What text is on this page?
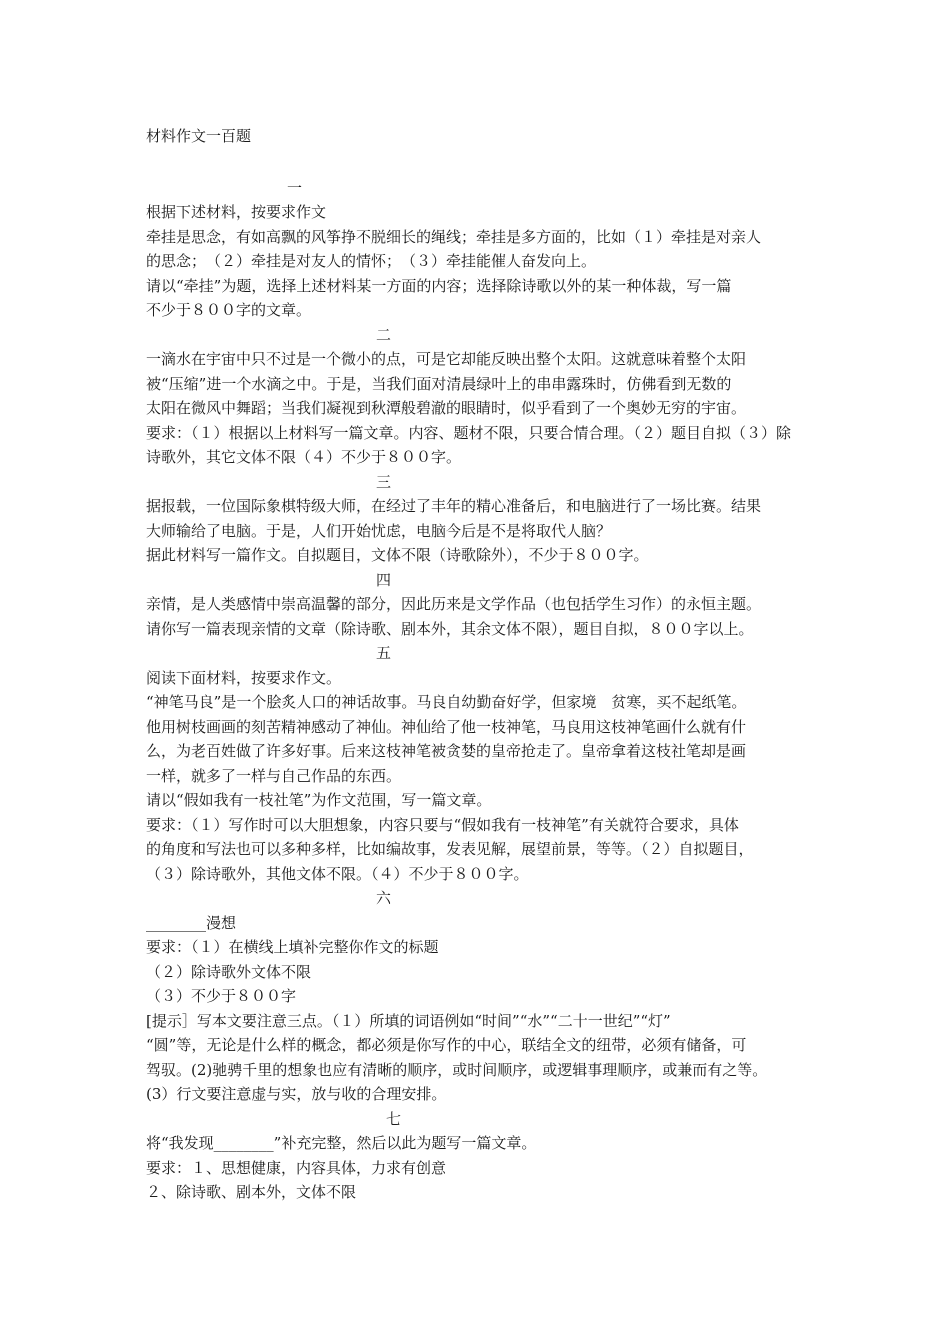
材料作文一百题
一
根据下述材料，按要求作文
牵挂是思念，有如高飘的风筝挣不脱细长的绳线；牵挂是多方面的，比如（１）牵挂是对亲人
的思念；　（２）牵挂是对友人的情怀；　（３）牵挂能催人奋发向上。
请以“牵挂”为题，选择上述材料某一方面的内容；选择除诗歌以外的某一种体裁，写一篇
不少于８００字的文章。
二
一滴水在宇宙中只不过是一个微小的点，可是它却能反映出整个太阳。这就意味着整个太阳
被“压缩”进一个水滴之中。于是，当我们面对清晨绿叶上的串串露珠时，仿佛看到无数的
太阳在微风中舞蹈；当我们凝视到秋潭般碧澈的眼睛时，似乎看到了一个奥妙无穷的宇宙。
要求：（１）根据以上材料写一篇文章。内容、题材不限，只要合情合理。（２）题目自拟（３）除
诗歌外，其它文体不限（４）不少于８００字。
三
据报载，一位国际象棋特级大师，在经过了丰年的精心准备后，和电脑进行了一场比赛。结果
大师输给了电脑。于是，人们开始忧虑，电脑今后是不是将取代人脑？
据此材料写一篇作文。自拟题目，文体不限（诗歌除外），不少于８００字。
四
亲情，是人类感情中崇高温馨的部分，因此历来是文学作品（也包括学生习作）的永恒主题。
请你写一篇表现亲情的文章（除诗歌、剧本外，其余文体不限），题目自拟，８００字以上。
五
阅读下面材料，按要求作文。
“神笔马良”是一个脍炙人口的神话故事。马良自幼勤奋好学，但家境　贫寒，买不起纸笔。
他用树枝画画的刻苦精神感动了神仙。神仙给了他一枝神笔，马良用这枝神笔画什么就有什
么，为老百姓做了许多好事。后来这枝神笔被贪婪的皇帝抢走了。皇帝拿着这枝社笔却是画
一样，就多了一样与自己作品的东西。
请以“假如我有一枝社笔”为作文范围，写一篇文章。
要求：（１）写作时可以大胆想象，内容只要与“假如我有一枝神笔”有关就符合要求，具体
的角度和写法也可以多种多样，比如编故事，发表见解，展望前景，等等。（２）自拟题目，
（３）除诗歌外，其他文体不限。（４）不少于８００字。
六
________漫想
要求：（１）在横线上填补完整你作文的标题
（２）除诗歌外文体不限
（３）不少于８００字
[提示］写本文要注意三点。（１）所填的词语例如“时间”“水”“二十一世纪”“灯”
“圆”等，无论是什么样的概念，都必须是你写作的中心，联结全文的纽带，必须有储备，可
驾驭。(2)驰骋千里的想象也应有清晰的顺序，或时间顺序，或逻辑事理顺序，或兼而有之等。
(3）行文要注意虚与实，放与收的合理安排。
七
将“我发现________”补充完整，然后以此为题写一篇文章。
要求：１、思想健康，内容具体，力求有创意
２、除诗歌、剧本外，文体不限
